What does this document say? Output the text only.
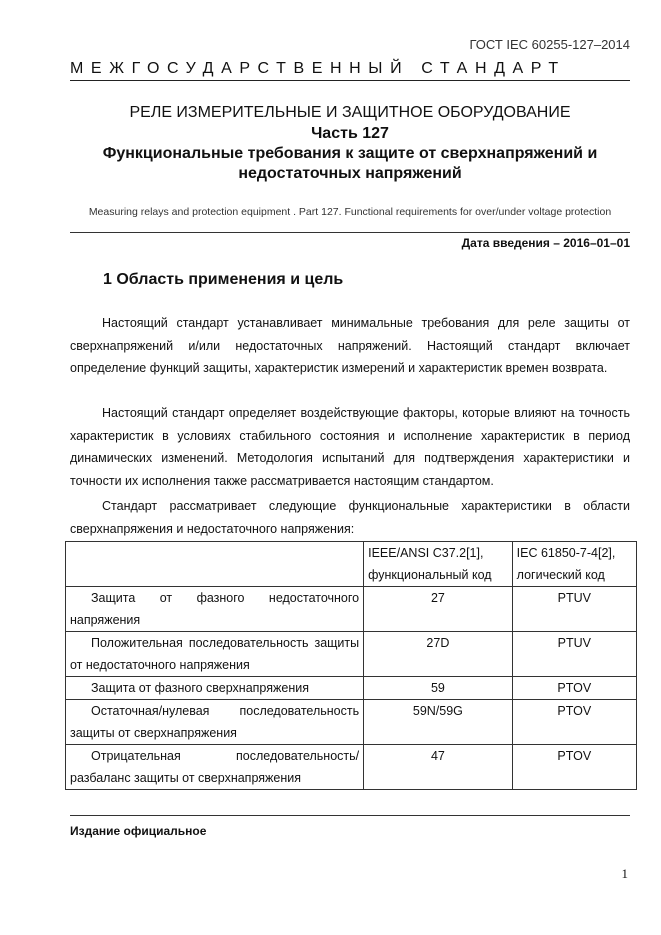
ГОСТ IEC 60255-127–2014
МЕЖГОСУДАРСТВЕННЫЙ СТАНДАРТ
РЕЛЕ ИЗМЕРИТЕЛЬНЫЕ И ЗАЩИТНОЕ ОБОРУДОВАНИЕ
Часть 127
Функциональные требования к защите от сверхнапряжений и
недостаточных напряжений
Measuring relays and protection equipment . Part 127. Functional requirements for over/under voltage protection
Дата введения – 2016–01–01
1 Область применения и цель

Настоящий стандарт устанавливает минимальные требования для реле защиты от сверхнапряжений и/или недостаточных напряжений. Настоящий стандарт включает определение функций защиты, характеристик измерений и характеристик времен возврата.

Настоящий стандарт определяет воздействующие факторы, которые влияют на точность характеристик в условиях стабильного состояния и исполнение характеристик в период динамических изменений. Методология испытаний для подтверждения характеристики и точности их исполнения также рассматривается настоящим стандартом.

Стандарт рассматривает следующие функциональные характеристики в области сверхнапряжения и недостаточного напряжения:

	IEEE/ANSI C37.2[1], функциональный код	IEC 61850-7-4[2], логический код
Защита от фазного недостаточного напряжения	27	PTUV
Положительная последовательность защиты от недостаточного напряжения	27D	PTUV
Защита от фазного сверхнапряжения	59	PTOV
Остаточная/нулевая последовательность защиты от сверхнапряжения	59N/59G	PTOV
Отрицательная последовательность/ разбаланс защиты от сверхнапряжения	47	PTOV
Издание официальное
1
